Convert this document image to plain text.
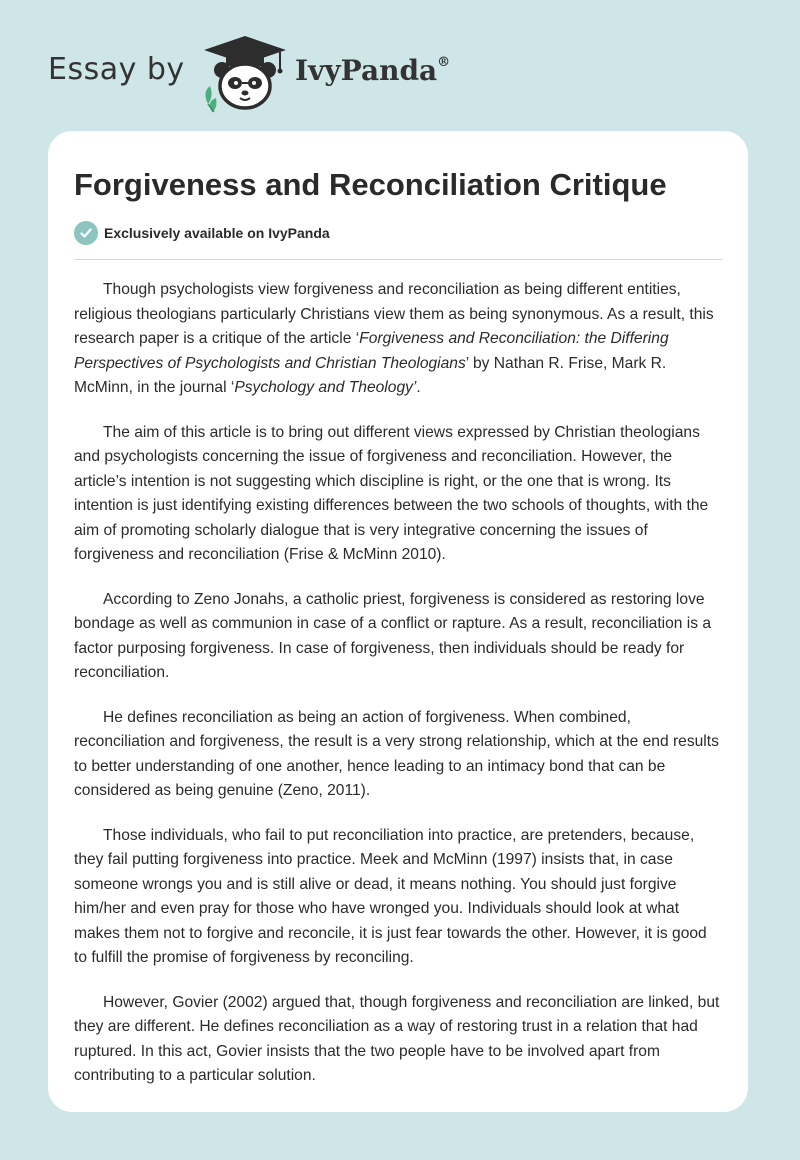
Essay by	IvyPanda®
Forgiveness and Reconciliation Critique
Exclusively available on IvyPanda

Though psychologists view forgiveness and reconciliation as being different entities, religious theologians particularly Christians view them as being synonymous. As a result, this research paper is a critique of the article ‘Forgiveness and Reconciliation: the Differing Perspectives of Psychologists and Christian Theologians’ by Nathan R. Frise, Mark R. McMinn, in the journal ‘Psychology and Theology’.

The aim of this article is to bring out different views expressed by Christian theologians and psychologists concerning the issue of forgiveness and reconciliation. However, the article’s intention is not suggesting which discipline is right, or the one that is wrong. Its intention is just identifying existing differences between the two schools of thoughts, with the aim of promoting scholarly dialogue that is very integrative concerning the issues of forgiveness and reconciliation (Frise & McMinn 2010).

According to Zeno Jonahs, a catholic priest, forgiveness is considered as restoring love bondage as well as communion in case of a conflict or rapture. As a result, reconciliation is a factor purposing forgiveness. In case of forgiveness, then individuals should be ready for reconciliation.

He defines reconciliation as being an action of forgiveness. When combined, reconciliation and forgiveness, the result is a very strong relationship, which at the end results to better understanding of one another, hence leading to an intimacy bond that can be considered as being genuine (Zeno, 2011).

Those individuals, who fail to put reconciliation into practice, are pretenders, because, they fail putting forgiveness into practice. Meek and McMinn (1997) insists that, in case someone wrongs you and is still alive or dead, it means nothing. You should just forgive him/her and even pray for those who have wronged you. Individuals should look at what makes them not to forgive and reconcile, it is just fear towards the other. However, it is good to fulfill the promise of forgiveness by reconciling.

However, Govier (2002) argued that, though forgiveness and reconciliation are linked, but they are different. He defines reconciliation as a way of restoring trust in a relation that had ruptured. In this act, Govier insists that the two people have to be involved apart from contributing to a particular solution.
